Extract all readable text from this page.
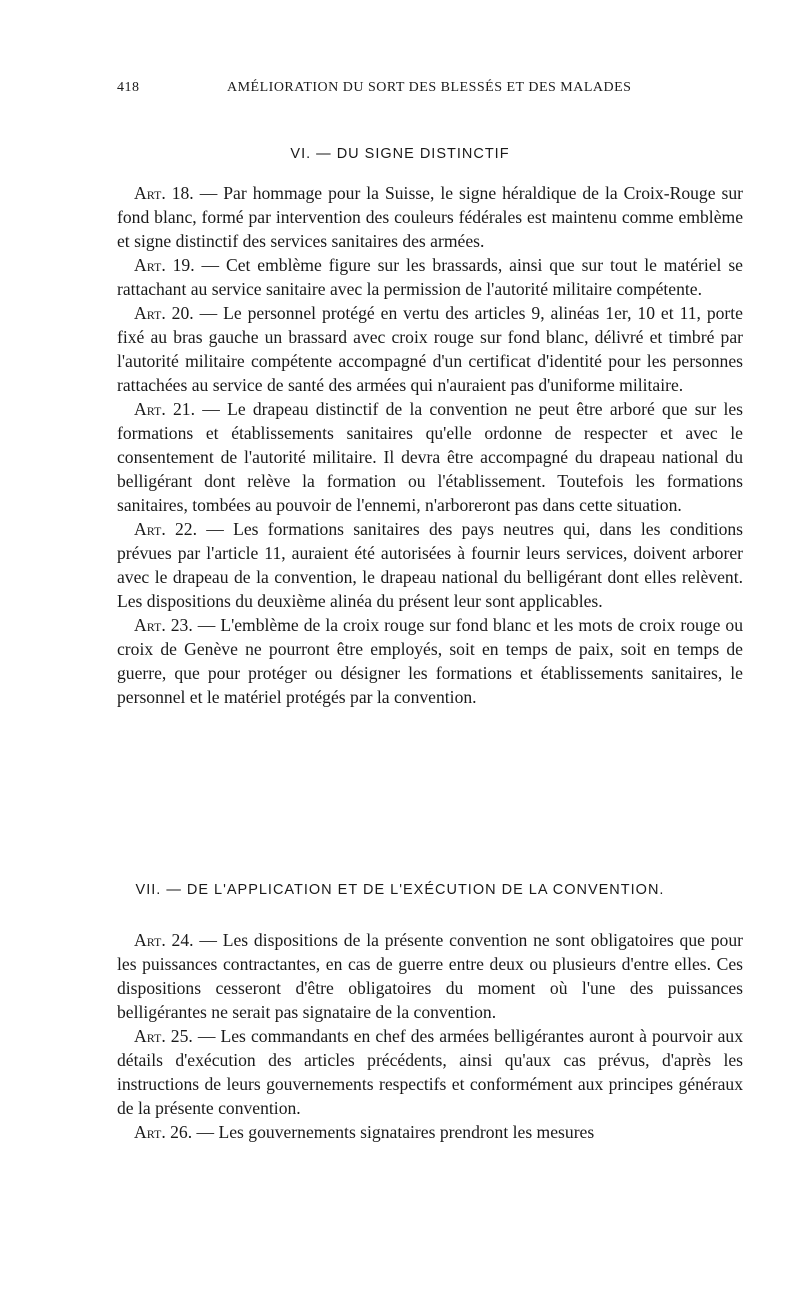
418	AMÉLIORATION DU SORT DES BLESSÉS ET DES MALADES
VI. — DU SIGNE DISTINCTIF

Art. 18. — Par hommage pour la Suisse, le signe héraldique de la Croix-Rouge sur fond blanc, formé par intervention des couleurs fédérales est maintenu comme emblème et signe distinctif des services sanitaires des armées.

Art. 19. — Cet emblème figure sur les brassards, ainsi que sur tout le matériel se rattachant au service sanitaire avec la permission de l'autorité militaire compétente.

Art. 20. — Le personnel protégé en vertu des articles 9, alinéas 1er, 10 et 11, porte fixé au bras gauche un brassard avec croix rouge sur fond blanc, délivré et timbré par l'autorité militaire compétente accompagné d'un certificat d'identité pour les personnes rattachées au service de santé des armées qui n'auraient pas d'uniforme militaire.

Art. 21. — Le drapeau distinctif de la convention ne peut être arboré que sur les formations et établissements sanitaires qu'elle ordonne de respecter et avec le consentement de l'autorité militaire. Il devra être accompagné du drapeau national du belligérant dont relève la formation ou l'établissement. Toutefois les formations sanitaires, tombées au pouvoir de l'ennemi, n'arboreront pas dans cette situation.

Art. 22. — Les formations sanitaires des pays neutres qui, dans les conditions prévues par l'article 11, auraient été autorisées à fournir leurs services, doivent arborer avec le drapeau de la convention, le drapeau national du belligérant dont elles relèvent. Les dispositions du deuxième alinéa du présent leur sont applicables.

Art. 23. — L'emblème de la croix rouge sur fond blanc et les mots de croix rouge ou croix de Genève ne pourront être employés, soit en temps de paix, soit en temps de guerre, que pour protéger ou désigner les formations et établissements sanitaires, le personnel et le matériel protégés par la convention.

VII. — DE L'APPLICATION ET DE L'EXÉCUTION DE LA CONVENTION.

Art. 24. — Les dispositions de la présente convention ne sont obligatoires que pour les puissances contractantes, en cas de guerre entre deux ou plusieurs d'entre elles. Ces dispositions cesseront d'être obligatoires du moment où l'une des puissances belligérantes ne serait pas signataire de la convention.

Art. 25. — Les commandants en chef des armées belligérantes auront à pourvoir aux détails d'exécution des articles précédents, ainsi qu'aux cas prévus, d'après les instructions de leurs gouvernements respectifs et conformément aux principes généraux de la présente convention.

Art. 26. — Les gouvernements signataires prendront les mesures
